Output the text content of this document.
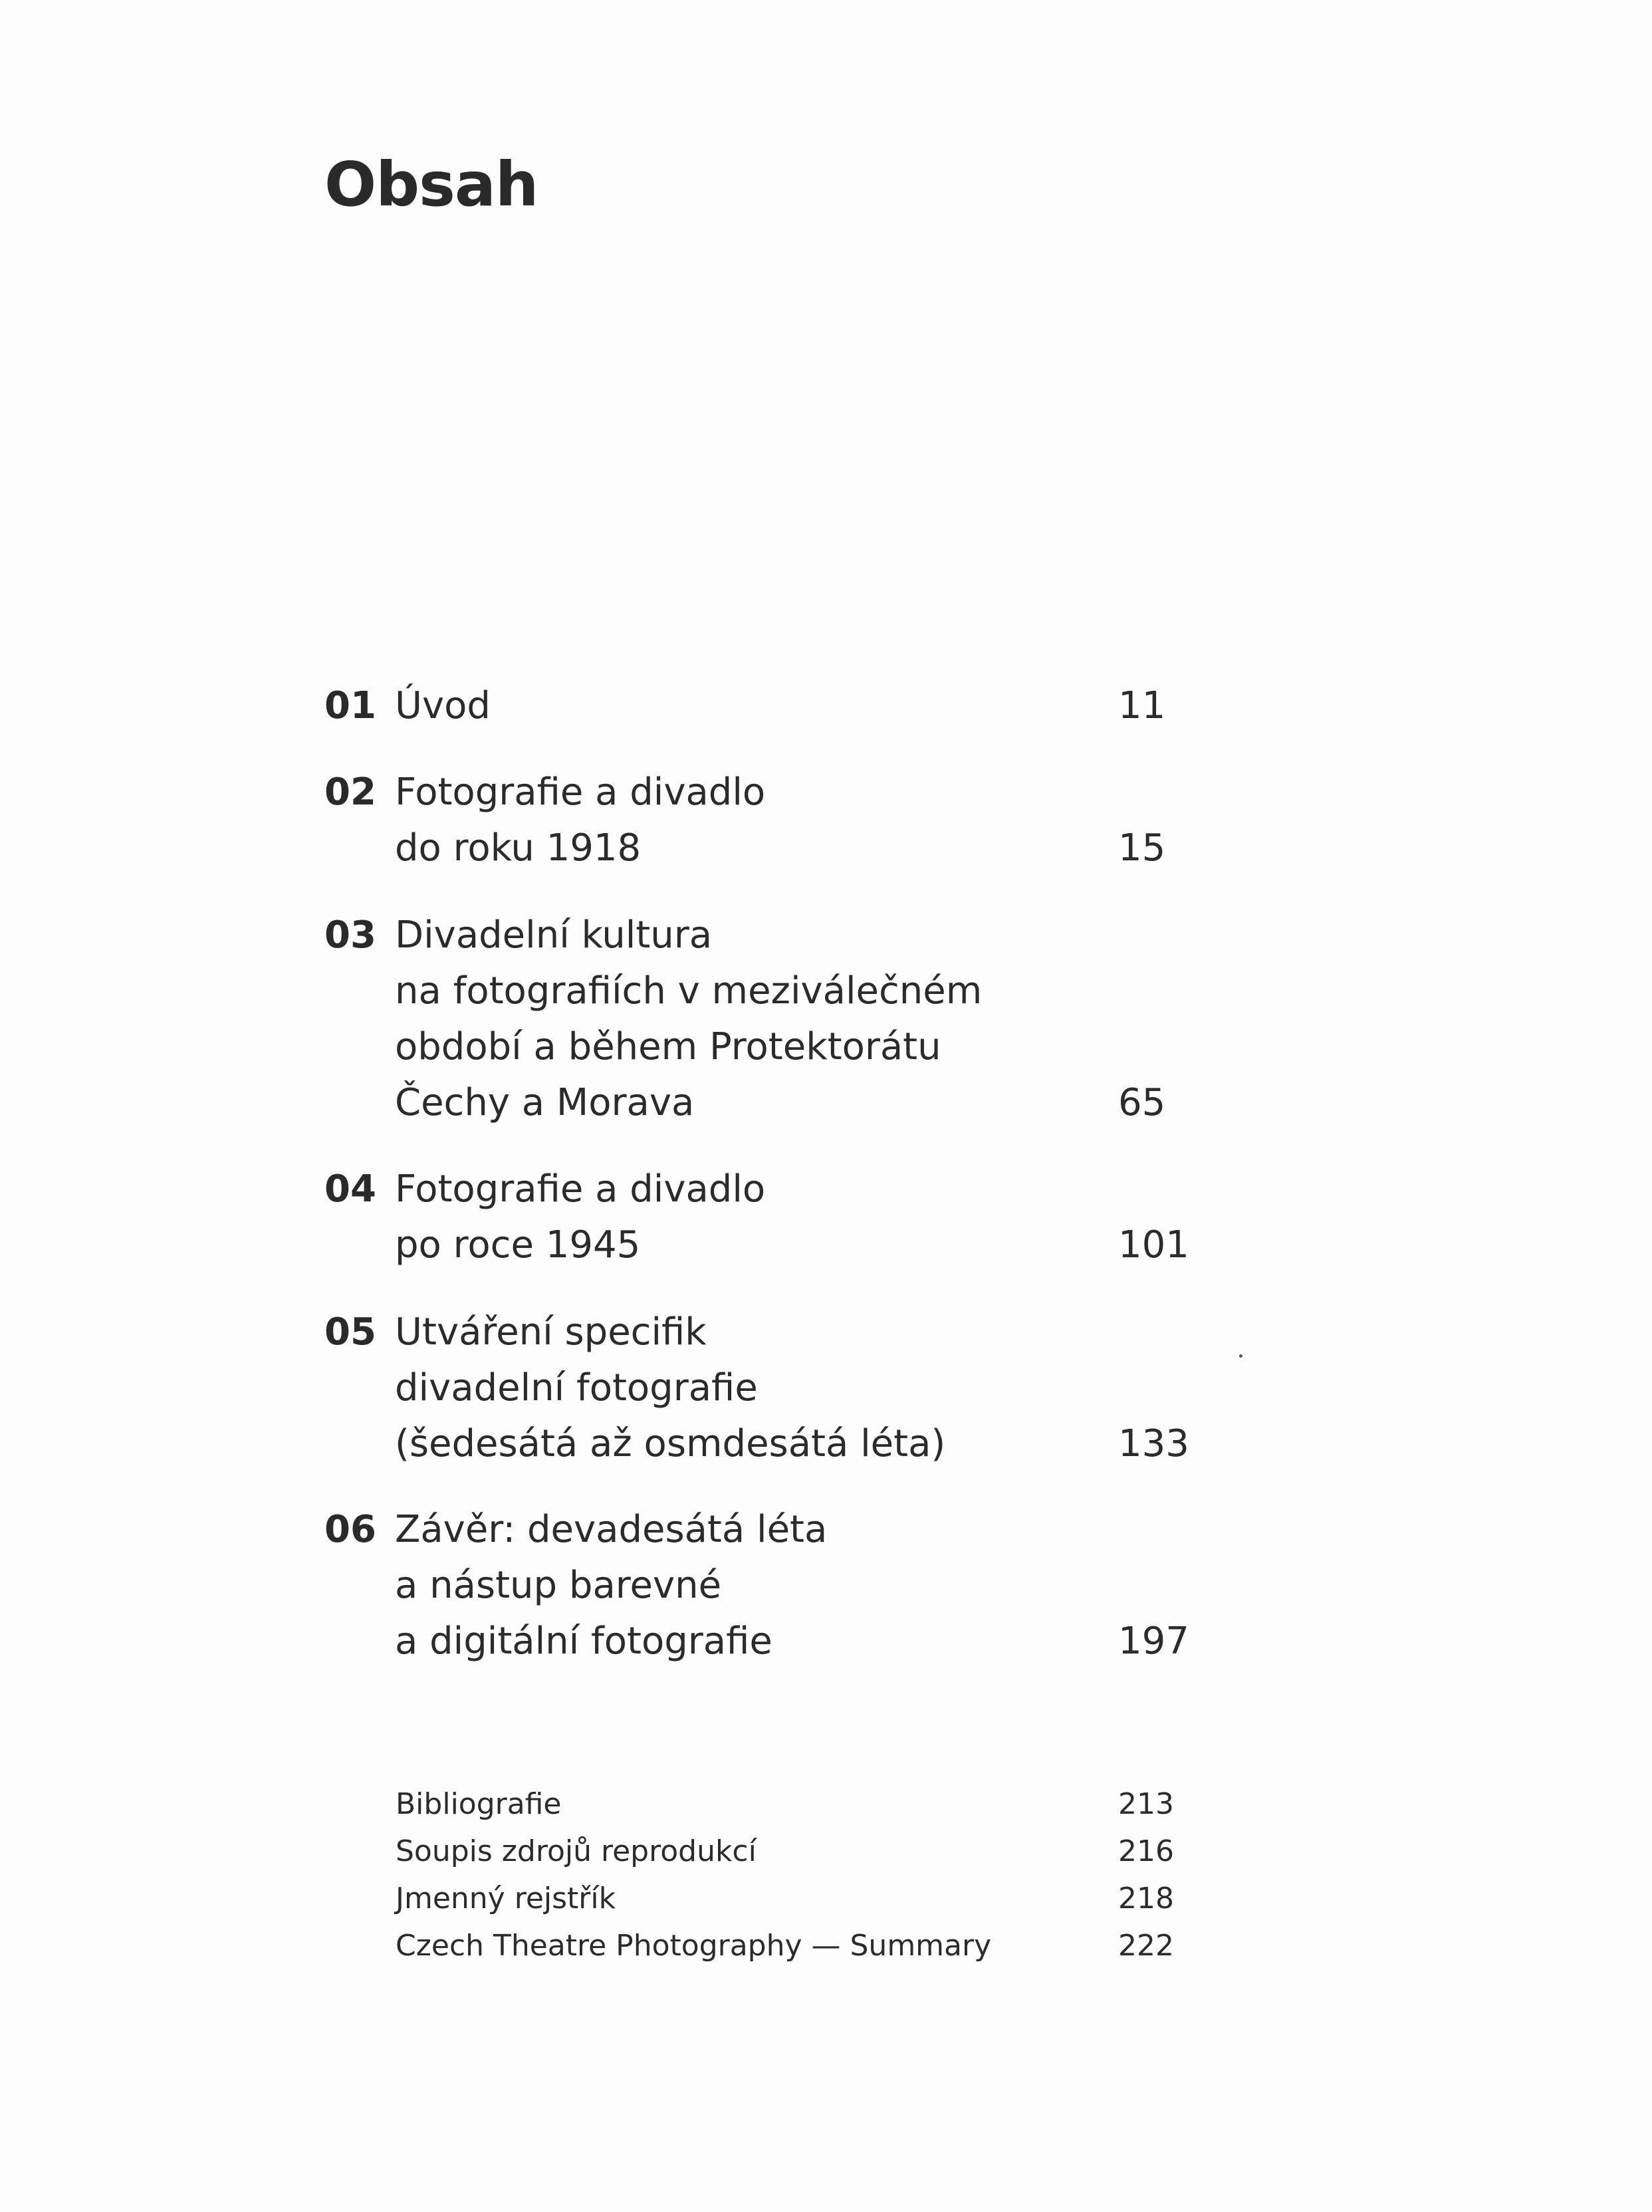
Obsah
01 Úvod	11
02 Fotografie a divadlo
do roku 1918	15
03 Divadelní kultura
na fotografiích v meziválečném
období a během Protektorátu
Čechy a Morava	65
04 Fotografie a divadlo
po roce 1945	101
05 Utváření specifik
divadelní fotografie
(šedesátá až osmdesátá léta)	133
06 Závěr: devadesátá léta
a nástup barevné
a digitální fotografie	197
Bibliografie	213
Soupis zdrojů reprodukcí	216
Jmenný rejstřík	218
Czech Theatre Photography — Summary	222
